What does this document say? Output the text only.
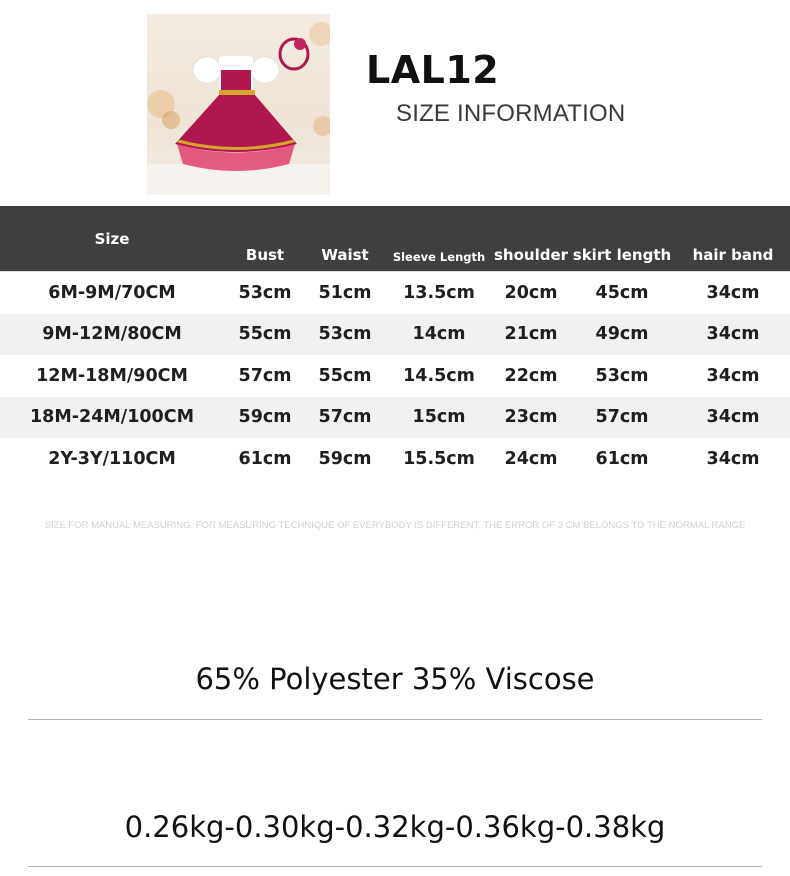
LAL12
SIZE INFORMATION
Size	Bust	Waist	Sleeve Length	shoulder	skirt length	hair band
6M-9M/70CM	53cm	51cm	13.5cm	20cm	45cm	34cm
9M-12M/80CM	55cm	53cm	14cm	21cm	49cm	34cm
12M-18M/90CM	57cm	55cm	14.5cm	22cm	53cm	34cm
18M-24M/100CM	59cm	57cm	15cm	23cm	57cm	34cm
2Y-3Y/110CM	61cm	59cm	15.5cm	24cm	61cm	34cm
SIZE FOR MANUAL MEASURING, FOR MEASURING TECHNIQUE OF EVERYBODY IS DIFFERENT, THE ERROR OF 3 CM BELONGS TO THE NORMAL RANGE
65% Polyester 35% Viscose
0.26kg-0.30kg-0.32kg-0.36kg-0.38kg
